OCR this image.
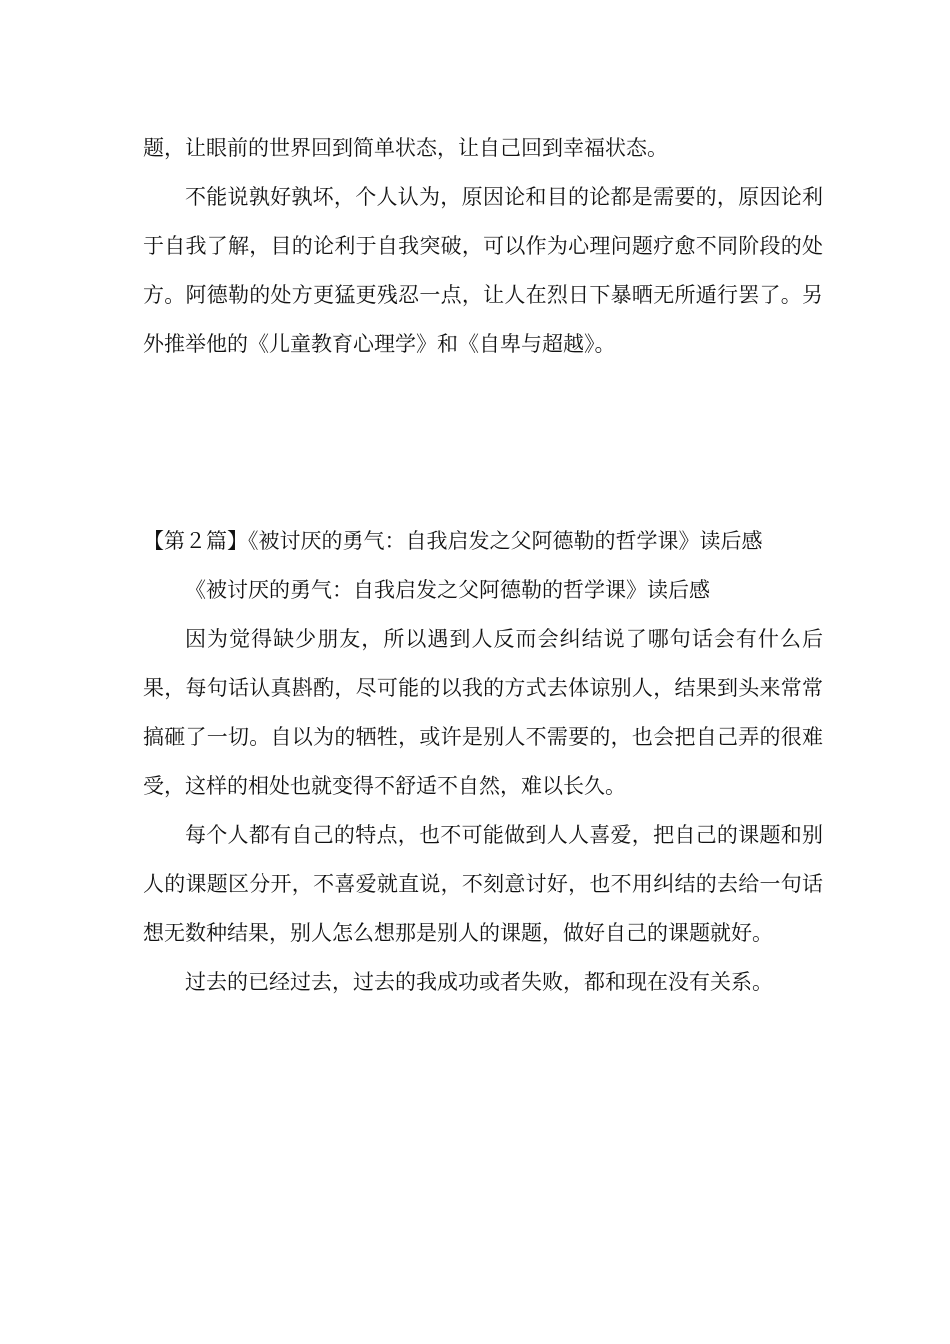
题，让眼前的世界回到简单状态，让自己回到幸福状态。

不能说孰好孰坏，个人认为，原因论和目的论都是需要的，原因论利于自我了解，目的论利于自我突破，可以作为心理问题疗愈不同阶段的处方。阿德勒的处方更猛更残忍一点，让人在烈日下暴晒无所遁行罢了。另外推举他的《儿童教育心理学》和《自卑与超越》。

【第２篇】《被讨厌的勇气：自我启发之父阿德勒的哲学课》读后感

《被讨厌的勇气：自我启发之父阿德勒的哲学课》读后感

因为觉得缺少朋友，所以遇到人反而会纠结说了哪句话会有什么后果，每句话认真斟酌，尽可能的以我的方式去体谅别人，结果到头来常常搞砸了一切。自以为的牺牲，或许是别人不需要的，也会把自己弄的很难受，这样的相处也就变得不舒适不自然，难以长久。

每个人都有自己的特点，也不可能做到人人喜爱，把自己的课题和别人的课题区分开，不喜爱就直说，不刻意讨好，也不用纠结的去给一句话想无数种结果，别人怎么想那是别人的课题，做好自己的课题就好。

过去的已经过去，过去的我成功或者失败，都和现在没有关系。
